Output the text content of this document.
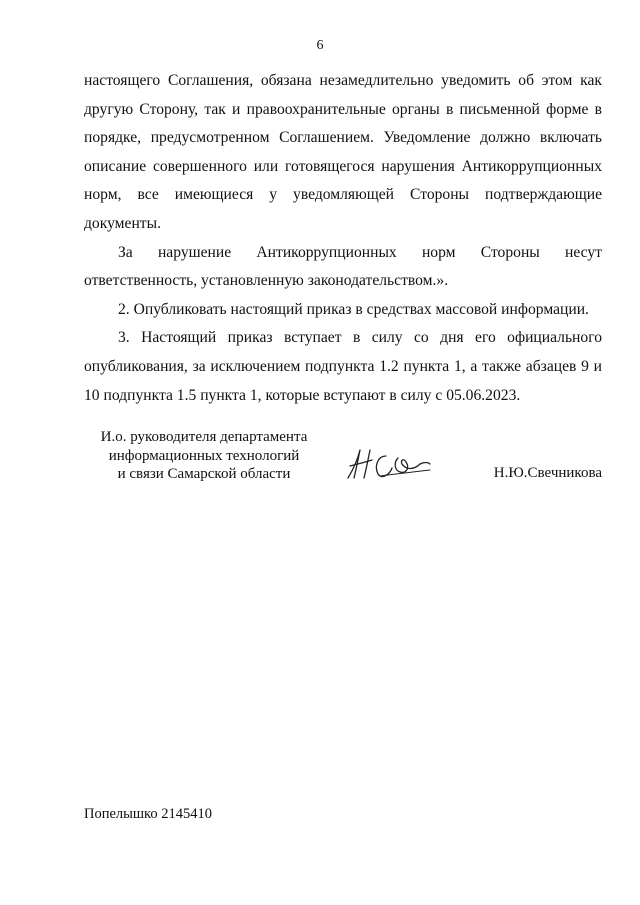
6

настоящего Соглашения, обязана незамедлительно уведомить об этом как другую Сторону, так и правоохранительные органы в письменной форме в порядке, предусмотренном Соглашением. Уведомление должно включать описание совершенного или готовящегося нарушения Антикоррупционных норм, все имеющиеся у уведомляющей Стороны подтверждающие документы.

За нарушение Антикоррупционных норм Стороны несут ответственность, установленную законодательством.».

2. Опубликовать настоящий приказ в средствах массовой информации.

3. Настоящий приказ вступает в силу со дня его официального опубликования, за исключением подпункта 1.2 пункта 1, а также абзацев 9 и 10 подпункта 1.5 пункта 1, которые вступают в силу с 05.06.2023.

И.о. руководителя департамента
информационных технологий
и связи Самарской области	Н.Ю.Свечникова
Попелышко 2145410
